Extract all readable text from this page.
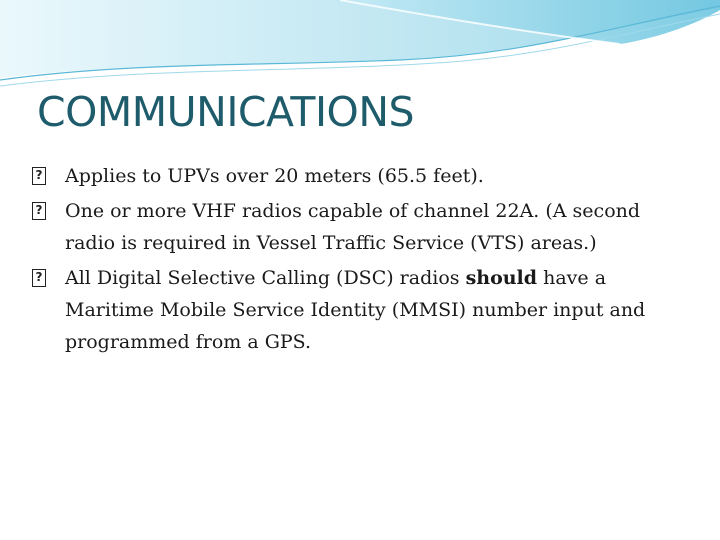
COMMUNICATIONS
?
Applies to UPVs over 20 meters (65.5 feet).
?
One or more VHF radios capable of channel 22A. (A second radio is required in Vessel Traffic Service (VTS) areas.)
?
All Digital Selective Calling (DSC) radios should have a Maritime Mobile Service Identity (MMSI) number input and programmed from a GPS.
